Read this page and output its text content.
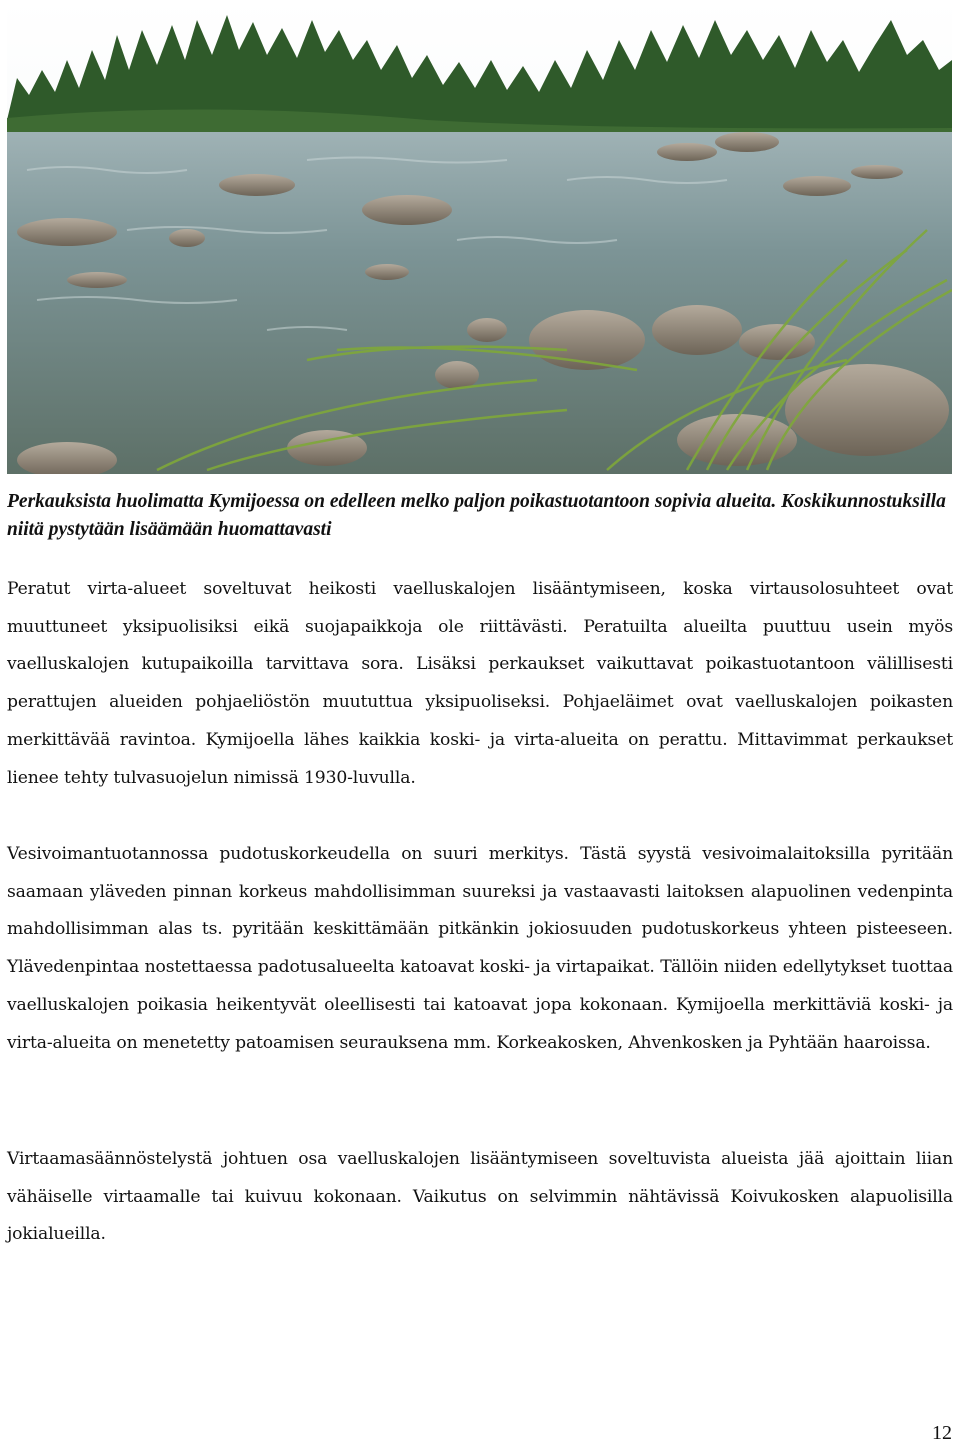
Perkauksista huolimatta Kymijoessa on edelleen melko paljon poikastuotantoon sopivia alueita. Koskikunnostuksilla niitä pystytään lisäämään huomattavasti

Peratut virta-alueet soveltuvat heikosti vaelluskalojen lisääntymiseen, koska virtausolosuhteet ovat muuttuneet yksipuolisiksi eikä suojapaikkoja ole riittävästi. Peratuilta alueilta puuttuu usein myös vaelluskalojen kutupaikoilla tarvittava sora. Lisäksi perkaukset vaikuttavat poikastuotantoon välillisesti perattujen alueiden pohjaeliöstön muututtua yksipuoliseksi. Pohjaeläimet ovat vaelluskalojen poikasten merkittävää ravintoa. Kymijoella lähes kaikkia koski- ja virta-alueita on perattu. Mittavimmat perkaukset lienee tehty tulvasuojelun nimissä 1930-luvulla.

Vesivoimantuotannossa pudotuskorkeudella on suuri merkitys. Tästä syystä vesivoimalaitoksilla pyritään saamaan yläveden pinnan korkeus mahdollisimman suureksi ja vastaavasti laitoksen alapuolinen vedenpinta mahdollisimman alas ts. pyritään keskittämään pitkänkin jokiosuuden pudotuskorkeus yhteen pisteeseen. Ylävedenpintaa nostettaessa padotusalueelta katoavat koski- ja virtapaikat. Tällöin niiden edellytykset tuottaa vaelluskalojen poikasia heikentyvät oleellisesti tai katoavat jopa kokonaan. Kymijoella merkittäviä koski- ja virta-alueita on menetetty patoamisen seurauksena mm. Korkeakosken, Ahvenkosken ja Pyhtään haaroissa.

Virtaamasäännöstelystä johtuen osa vaelluskalojen lisääntymiseen soveltuvista alueista jää ajoittain liian vähäiselle virtaamalle tai kuivuu kokonaan. Vaikutus on selvimmin nähtävissä Koivukosken alapuolisilla jokialueilla.

12
